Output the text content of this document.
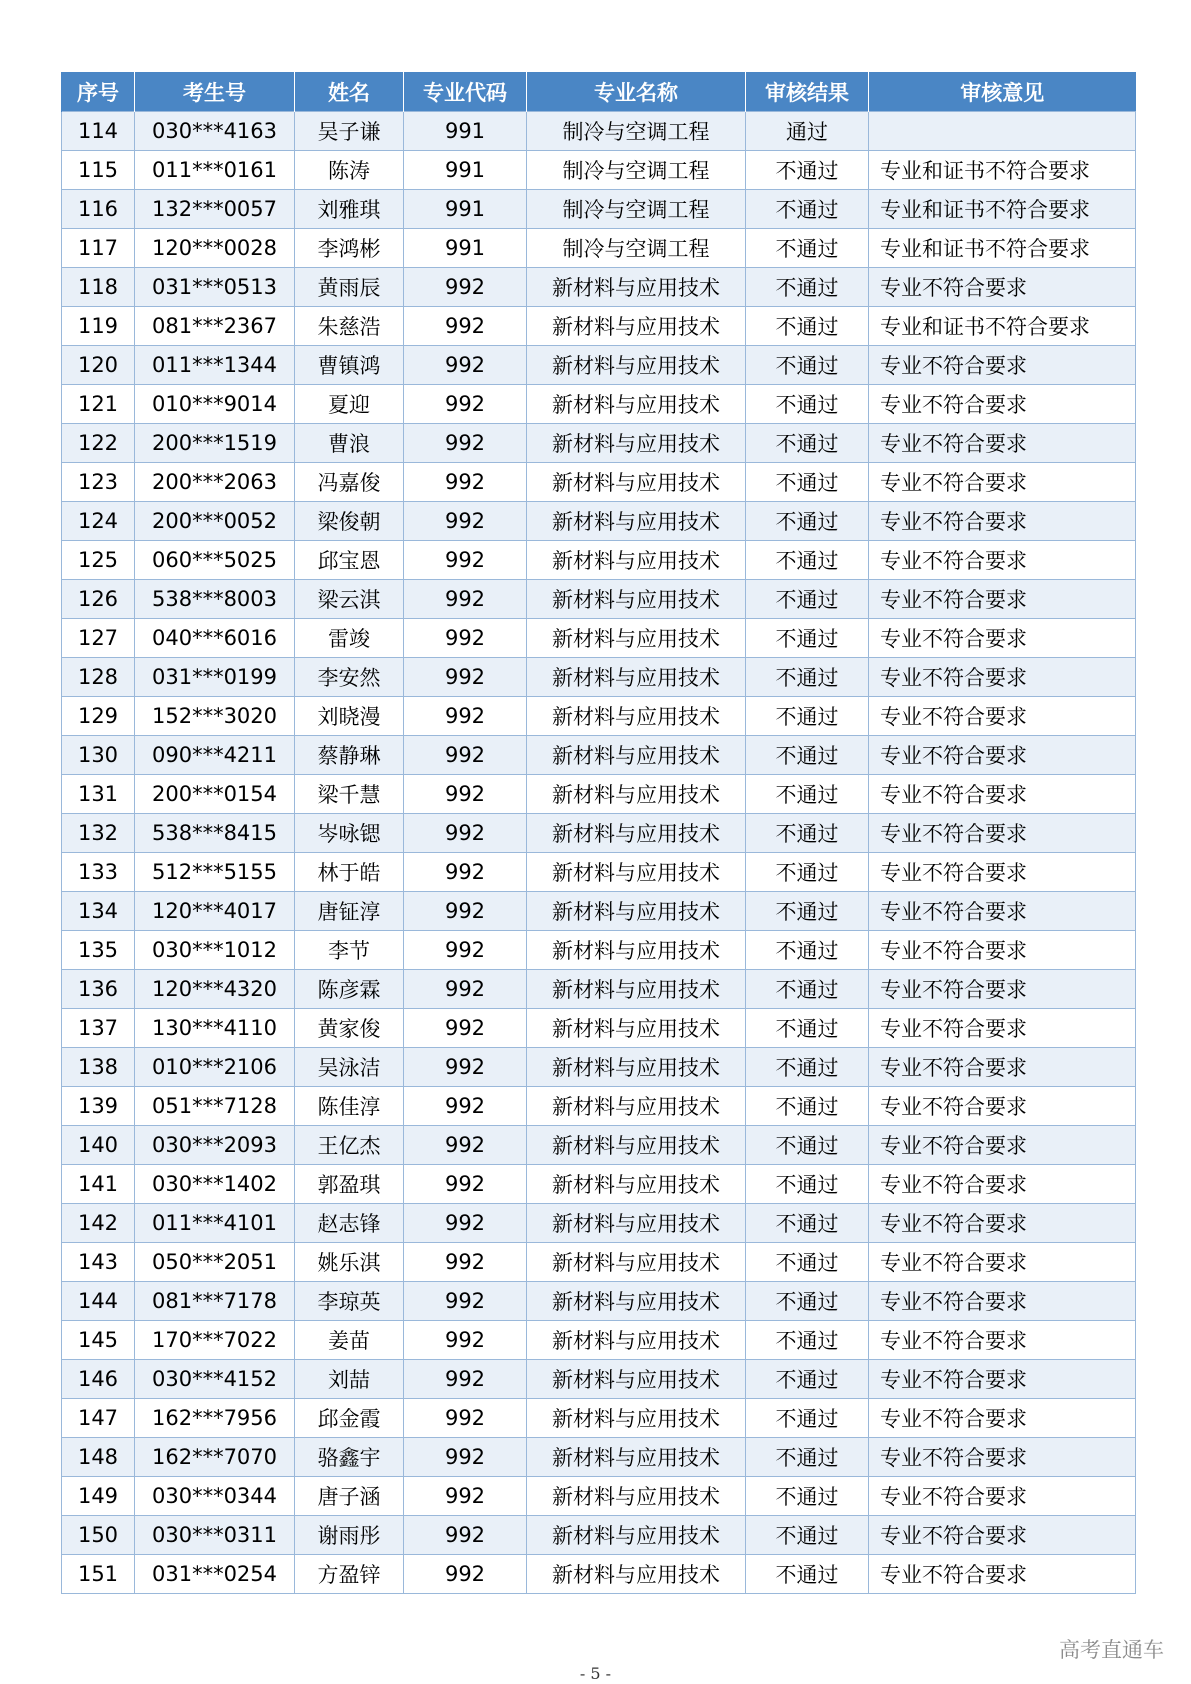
序号	考生号	姓名	专业代码	专业名称	审核结果	审核意见
114	030***4163	吴子谦	991	制冷与空调工程	通过	
115	011***0161	陈涛	991	制冷与空调工程	不通过	专业和证书不符合要求
116	132***0057	刘雅琪	991	制冷与空调工程	不通过	专业和证书不符合要求
117	120***0028	李鸿彬	991	制冷与空调工程	不通过	专业和证书不符合要求
118	031***0513	黄雨辰	992	新材料与应用技术	不通过	专业不符合要求
119	081***2367	朱慈浩	992	新材料与应用技术	不通过	专业和证书不符合要求
120	011***1344	曹镇鸿	992	新材料与应用技术	不通过	专业不符合要求
121	010***9014	夏迎	992	新材料与应用技术	不通过	专业不符合要求
122	200***1519	曹浪	992	新材料与应用技术	不通过	专业不符合要求
123	200***2063	冯嘉俊	992	新材料与应用技术	不通过	专业不符合要求
124	200***0052	梁俊朝	992	新材料与应用技术	不通过	专业不符合要求
125	060***5025	邱宝恩	992	新材料与应用技术	不通过	专业不符合要求
126	538***8003	梁云淇	992	新材料与应用技术	不通过	专业不符合要求
127	040***6016	雷竣	992	新材料与应用技术	不通过	专业不符合要求
128	031***0199	李安然	992	新材料与应用技术	不通过	专业不符合要求
129	152***3020	刘晓漫	992	新材料与应用技术	不通过	专业不符合要求
130	090***4211	蔡静琳	992	新材料与应用技术	不通过	专业不符合要求
131	200***0154	梁千慧	992	新材料与应用技术	不通过	专业不符合要求
132	538***8415	岑咏锶	992	新材料与应用技术	不通过	专业不符合要求
133	512***5155	林于皓	992	新材料与应用技术	不通过	专业不符合要求
134	120***4017	唐钲淳	992	新材料与应用技术	不通过	专业不符合要求
135	030***1012	李节	992	新材料与应用技术	不通过	专业不符合要求
136	120***4320	陈彦霖	992	新材料与应用技术	不通过	专业不符合要求
137	130***4110	黄家俊	992	新材料与应用技术	不通过	专业不符合要求
138	010***2106	吴泳洁	992	新材料与应用技术	不通过	专业不符合要求
139	051***7128	陈佳淳	992	新材料与应用技术	不通过	专业不符合要求
140	030***2093	王亿杰	992	新材料与应用技术	不通过	专业不符合要求
141	030***1402	郭盈琪	992	新材料与应用技术	不通过	专业不符合要求
142	011***4101	赵志锋	992	新材料与应用技术	不通过	专业不符合要求
143	050***2051	姚乐淇	992	新材料与应用技术	不通过	专业不符合要求
144	081***7178	李琼英	992	新材料与应用技术	不通过	专业不符合要求
145	170***7022	姜苗	992	新材料与应用技术	不通过	专业不符合要求
146	030***4152	刘喆	992	新材料与应用技术	不通过	专业不符合要求
147	162***7956	邱金霞	992	新材料与应用技术	不通过	专业不符合要求
148	162***7070	骆鑫宇	992	新材料与应用技术	不通过	专业不符合要求
149	030***0344	唐子涵	992	新材料与应用技术	不通过	专业不符合要求
150	030***0311	谢雨彤	992	新材料与应用技术	不通过	专业不符合要求
151	031***0254	方盈锌	992	新材料与应用技术	不通过	专业不符合要求
高考直通车
- 5 -
